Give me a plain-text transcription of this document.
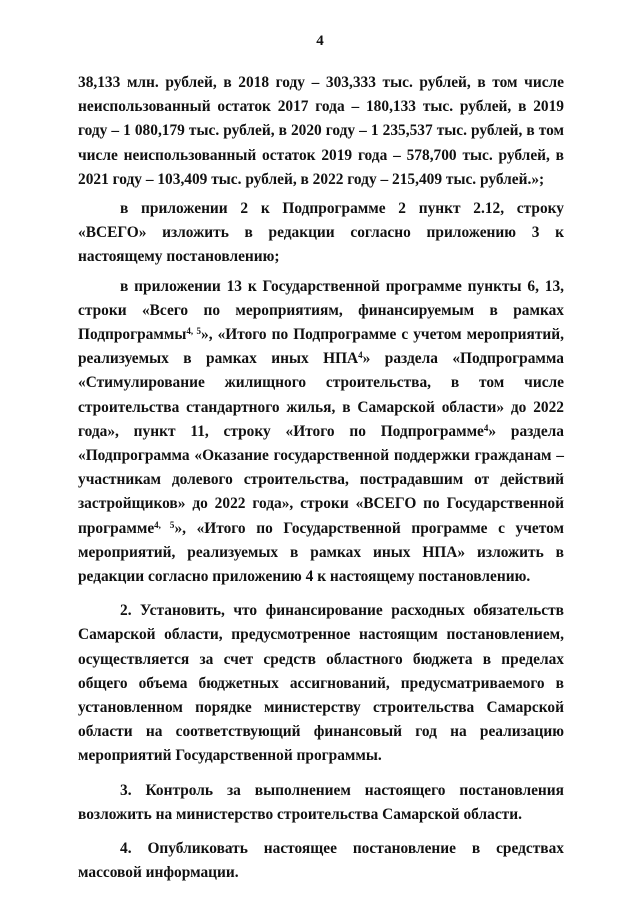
4

38,133 млн. рублей, в 2018 году – 303,333 тыс. рублей, в том числе неиспользованный остаток 2017 года – 180,133 тыс. рублей, в 2019 году – 1 080,179 тыс. рублей, в 2020 году – 1 235,537 тыс. рублей, в том числе неиспользованный остаток 2019 года – 578,700 тыс. рублей, в 2021 году – 103,409 тыс. рублей, в 2022 году – 215,409 тыс. рублей.»;

в приложении 2 к Подпрограмме 2 пункт 2.12, строку «ВСЕГО» изложить в редакции согласно приложению 3 к настоящему постановлению;

в приложении 13 к Государственной программе пункты 6, 13, строки «Всего по мероприятиям, финансируемым в рамках Подпрограммы$^{4, 5}$», «Итого по Подпрограмме с учетом мероприятий, реализуемых в рамках иных НПА$^4$» раздела «Подпрограмма «Стимулирование жилищного строительства, в том числе строительства стандартного жилья, в Самарской области» до 2022 года», пункт 11, строку «Итого по Подпрограмме$^4$» раздела «Подпрограмма «Оказание государственной поддержки гражданам – участникам долевого строительства, пострадавшим от действий застройщиков» до 2022 года», строки «ВСЕГО по Государственной программе$^{4, 5}$», «Итого по Государственной программе с учетом мероприятий, реализуемых в рамках иных НПА» изложить в редакции согласно приложению 4 к настоящему постановлению.

2. Установить, что финансирование расходных обязательств Самарской области, предусмотренное настоящим постановлением, осуществляется за счет средств областного бюджета в пределах общего объема бюджетных ассигнований, предусматриваемого в установленном порядке министерству строительства Самарской области на соответствующий финансовый год на реализацию мероприятий Государственной программы.

3. Контроль за выполнением настоящего постановления возложить на министерство строительства Самарской области.

4. Опубликовать настоящее постановление в средствах массовой информации.
